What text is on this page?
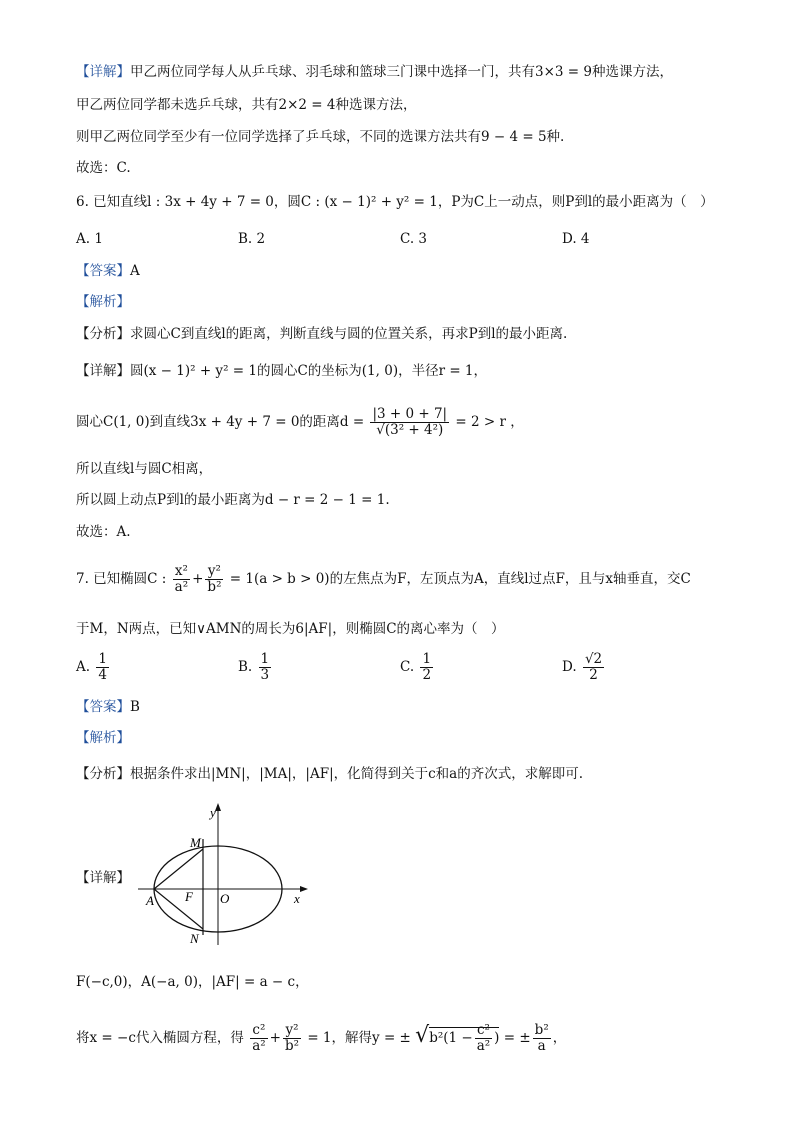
【详解】甲乙两位同学每人从乒乓球、羽毛球和篮球三门课中选择一门，共有3×3 = 9种选课方法，
甲乙两位同学都未选乒乓球，共有2×2 = 4种选课方法，
则甲乙两位同学至少有一位同学选择了乒乓球，不同的选课方法共有9 − 4 = 5种.
故选：C.
6. 已知直线l : 3x + 4y + 7 = 0，圆C : (x − 1)² + y² = 1，P为C上一动点，则P到l的最小距离为（　）
A. 1	B. 2	C. 3	D. 4
【答案】A
【解析】
【分析】求圆心C到直线l的距离，判断直线与圆的位置关系，再求P到l的最小距离.
【详解】圆(x − 1)² + y² = 1的圆心C的坐标为(1, 0)，半径r = 1，
圆心C(1, 0)到直线3x + 4y + 7 = 0的距离$d = \frac{|3 + 0 + 7|}{\text{√(3² + 4²)}} = 2 > r$ ，
所以直线l与圆C相离，
所以圆上动点P到l的最小距离为d − r = 2 − 1 = 1.
故选：A.
7. 已知椭圆C : $\frac{\text{x²}}{\text{a²}} + \frac{\text{y²}}{\text{b²}} = 1(a > b > 0)$的左焦点为F，左顶点为A，直线l过点F，且与x轴垂直，交C
于M，N两点，已知∨AMN的周长为6|AF|，则椭圆C的离心率为（　）
A. $\frac{1}{4}$	B. $\frac{1}{3}$	C. $\frac{1}{2}$	D. $\frac{√2}{2}$
【答案】B
【解析】
【分析】根据条件求出|MN|，|MA|，|AF|，化简得到关于c和a的齐次式，求解即可.
【详解】
y
x
M
N
A F O
F(−c,0)，A(−a, 0)，|AF| = a − c，
将x = −c代入椭圆方程，得 $\frac{\text{c²}}{\text{a²}} + \frac{\text{y²}}{\text{b²}} = 1$，解得y = ± $√b^2(1 - \frac{\text{c²}}{\text{a²}}$ ) = ± $\frac{\text{b²}}{a}$ ，
